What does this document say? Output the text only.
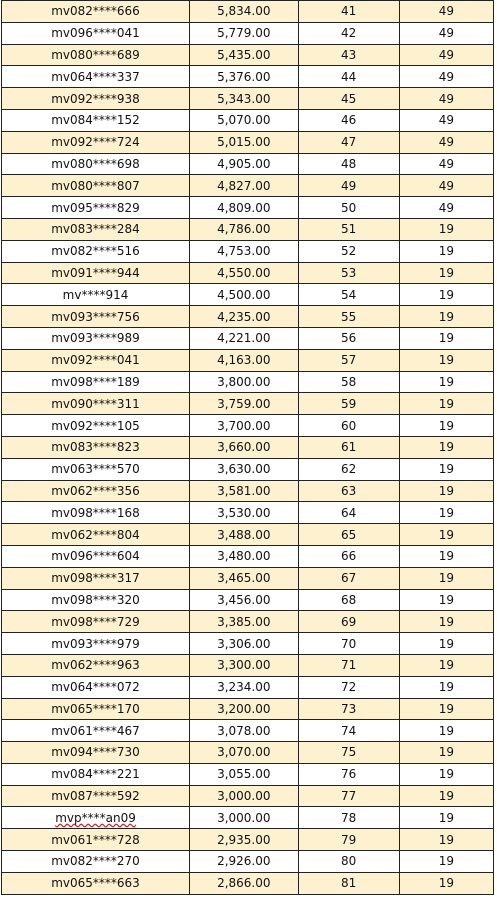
mv082****666	5,834.00	41	49
mv096****041	5,779.00	42	49
mv080****689	5,435.00	43	49
mv064****337	5,376.00	44	49
mv092****938	5,343.00	45	49
mv084****152	5,070.00	46	49
mv092****724	5,015.00	47	49
mv080****698	4,905.00	48	49
mv080****807	4,827.00	49	49
mv095****829	4,809.00	50	49
mv083****284	4,786.00	51	19
mv082****516	4,753.00	52	19
mv091****944	4,550.00	53	19
mv****914	4,500.00	54	19
mv093****756	4,235.00	55	19
mv093****989	4,221.00	56	19
mv092****041	4,163.00	57	19
mv098****189	3,800.00	58	19
mv090****311	3,759.00	59	19
mv092****105	3,700.00	60	19
mv083****823	3,660.00	61	19
mv063****570	3,630.00	62	19
mv062****356	3,581.00	63	19
mv098****168	3,530.00	64	19
mv062****804	3,488.00	65	19
mv096****604	3,480.00	66	19
mv098****317	3,465.00	67	19
mv098****320	3,456.00	68	19
mv098****729	3,385.00	69	19
mv093****979	3,306.00	70	19
mv062****963	3,300.00	71	19
mv064****072	3,234.00	72	19
mv065****170	3,200.00	73	19
mv061****467	3,078.00	74	19
mv094****730	3,070.00	75	19
mv084****221	3,055.00	76	19
mv087****592	3,000.00	77	19
mvp****an09	3,000.00	78	19
mv061****728	2,935.00	79	19
mv082****270	2,926.00	80	19
mv065****663	2,866.00	81	19
